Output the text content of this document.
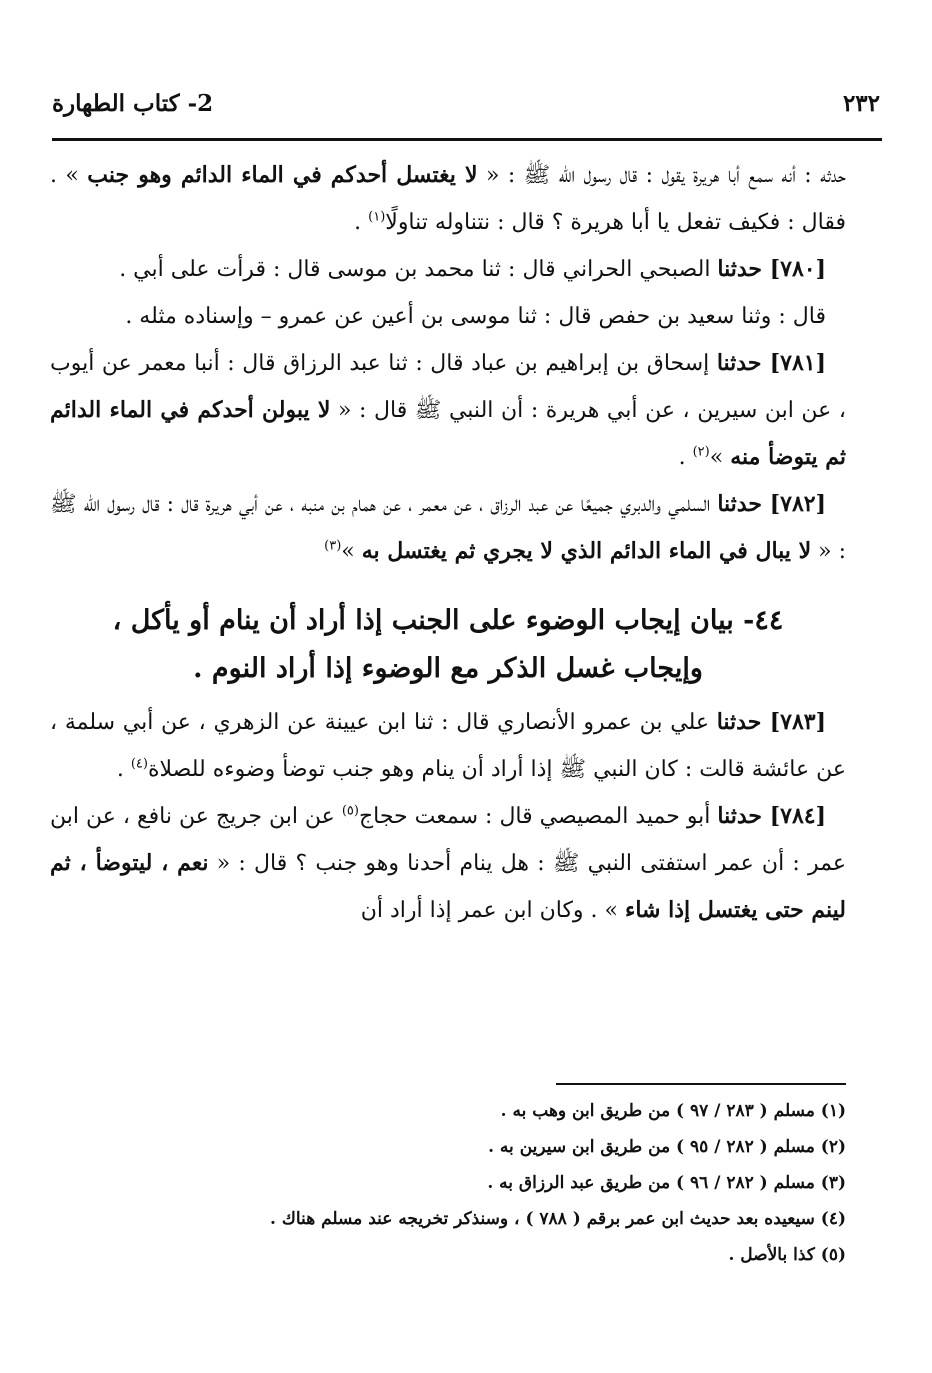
٢٣٢
2- كتاب الطهارة

حدثه : أنه سمع أبا هريرة يقول : قال رسول اللّٰه ﷺ : « لا يغتسل أحدكم في الماء الدائم وهو جنب » . فقال : فكيف تفعل يا أبا هريرة ؟ قال : نتناوله تناولًا$^{(١)}$ .

[٧٨٠] حدثنا الصبحي الحراني قال : ثنا محمد بن موسى قال : قرأت على أبي .

قال : وثنا سعيد بن حفص قال : ثنا موسى بن أعين عن عمرو – وإسناده مثله .

[٧٨١] حدثنا إسحاق بن إبراهيم بن عباد قال : ثنا عبد الرزاق قال : أنبا معمر عن أيوب ، عن ابن سيرين ، عن أبي هريرة : أن النبي ﷺ قال : « لا يبولن أحدكم في الماء الدائم ثم يتوضأ منه »$^{(٢)}$ .

[٧٨٢] حدثنا السلمي والدبري جميعًا عن عبد الرزاق ، عن معمر ، عن همام بن منبه ، عن أبي هريرة قال : قال رسول اللّٰه ﷺ : « لا يبال في الماء الدائم الذي لا يجري ثم يغتسل به »$^{(٣)}$

٤٤- بيان إيجاب الوضوء على الجنب إذا أراد أن ينام أو يأكل ،
وإيجاب غسل الذكر مع الوضوء إذا أراد النوم .

[٧٨٣] حدثنا علي بن عمرو الأنصاري قال : ثنا ابن عيينة عن الزهري ، عن أبي سلمة ، عن عائشة قالت : كان النبي ﷺ إذا أراد أن ينام وهو جنب توضأ وضوءه للصلاة$^{(٤)}$ .

[٧٨٤] حدثنا أبو حميد المصيصي قال : سمعت حجاج$^{(٥)}$ عن ابن جريج عن نافع ، عن ابن عمر : أن عمر استفتى النبي ﷺ : هل ينام أحدنا وهو جنب ؟ قال : « نعم ، ليتوضأ ، ثم لينم حتى يغتسل إذا شاء » . وكان ابن عمر إذا أراد أن

(١) مسلم ( ٢٨٣ / ٩٧ ) من طريق ابن وهب به .

(٢) مسلم ( ٢٨٢ / ٩٥ ) من طريق ابن سيرين به .

(٣) مسلم ( ٢٨٢ / ٩٦ ) من طريق عبد الرزاق به .

(٤) سيعيده بعد حديث ابن عمر برقم ( ٧٨٨ ) ، وسنذكر تخريجه عند مسلم هناك .

(٥) كذا بالأصل .
